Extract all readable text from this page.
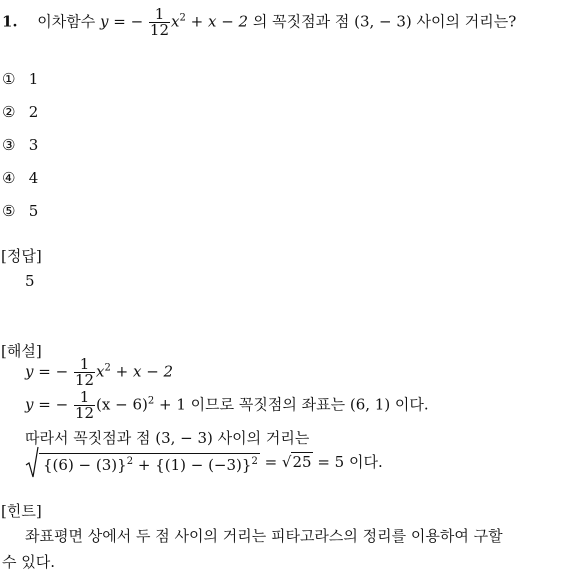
1. 이차함수 y = − $\frac{1}{12} x^2 + x - 2$ 의 꼭짓점과 점 (3, − 3) 사이의 거리는?
① 1
② 2
③ 3
④ 4
⑤ 5
[정답]
5
[해설]
y = − $\frac{1}{12} x^2 + x - 2$
y = − $\frac{1}{12} (x - 6)^2 + 1$ 이므로 꼭짓점의 좌표는 (6, 1) 이다.
따라서 꼭짓점과 점 (3, − 3) 사이의 거리는
$\{(6) - (3)\}^2 + \{(1) - (-3)\}^2 = √25 = 5$ 이다.
[힌트]
좌표평면 상에서 두 점 사이의 거리는 피타고라스의 정리를 이용하여 구할
수 있다.
